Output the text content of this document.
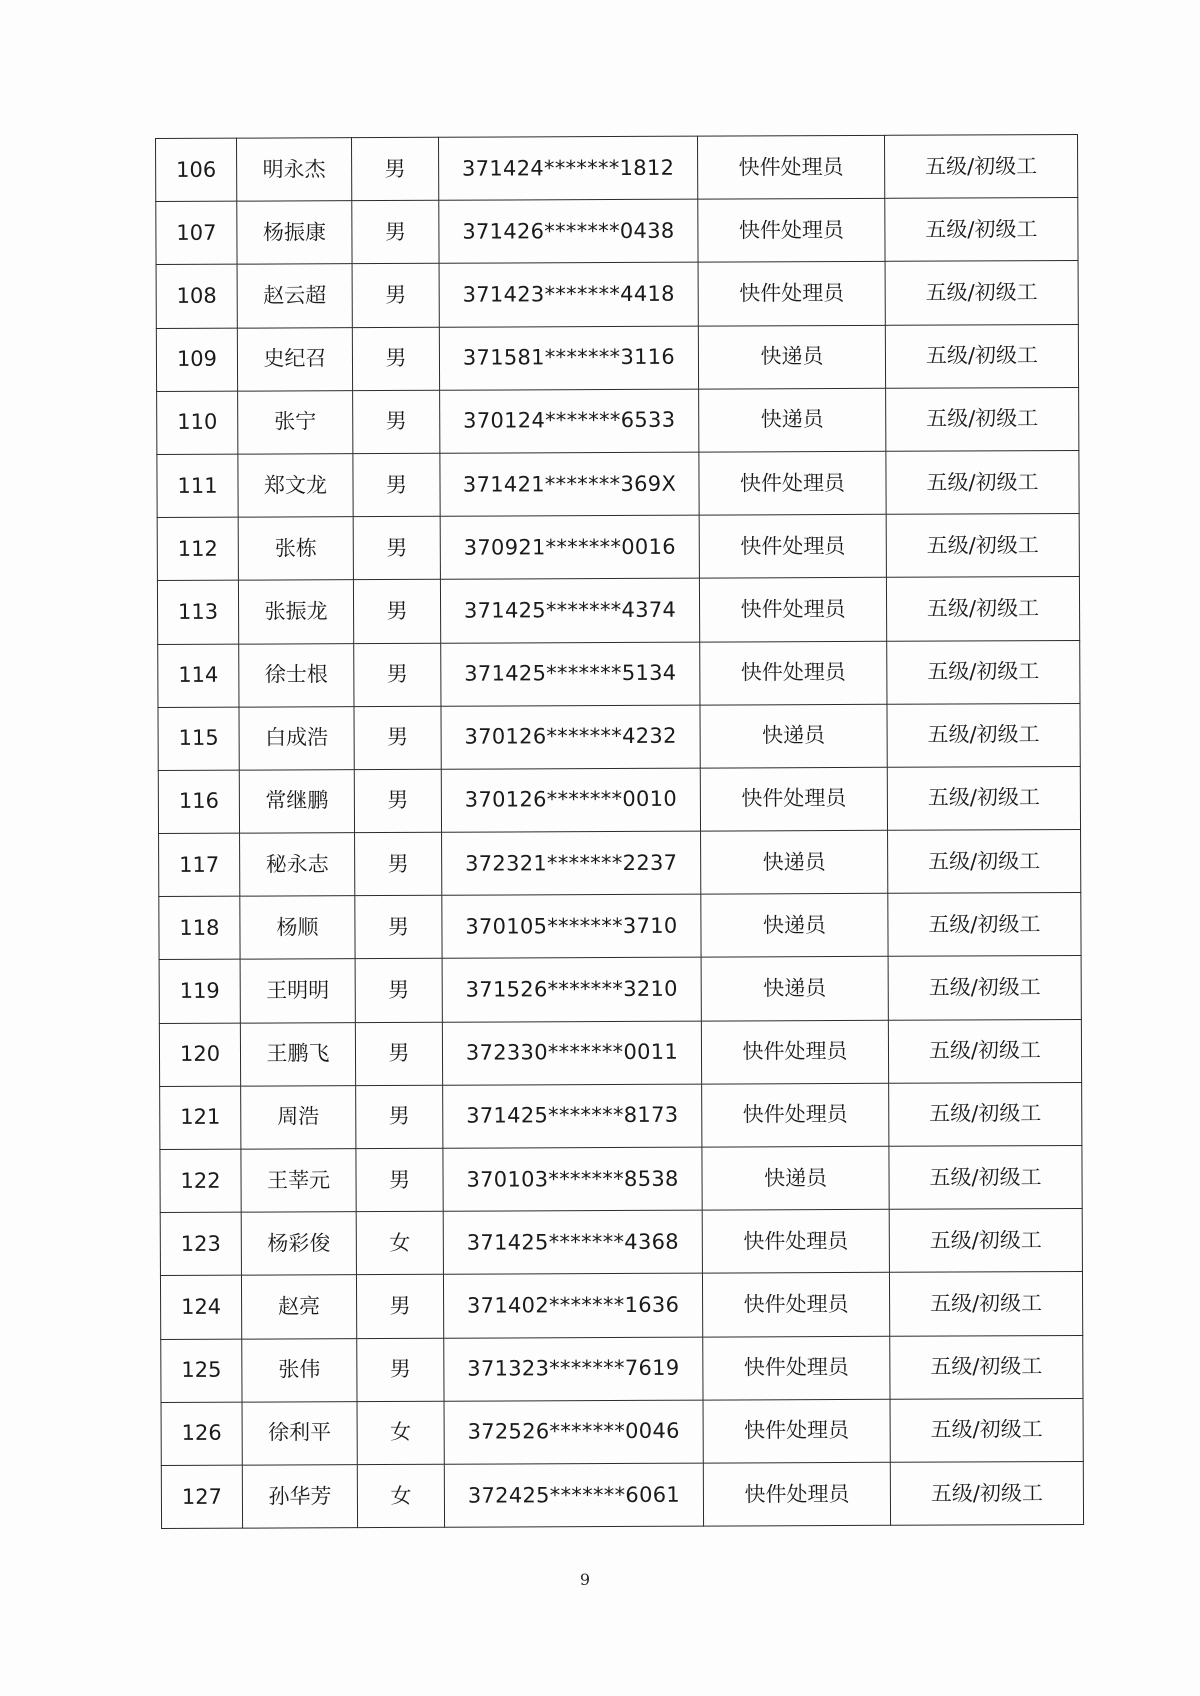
106	明永杰	男	371424*******1812	快件处理员	五级/初级工
107	杨振康	男	371426*******0438	快件处理员	五级/初级工
108	赵云超	男	371423*******4418	快件处理员	五级/初级工
109	史纪召	男	371581*******3116	快递员	五级/初级工
110	张宁	男	370124*******6533	快递员	五级/初级工
111	郑文龙	男	371421*******369X	快件处理员	五级/初级工
112	张栋	男	370921*******0016	快件处理员	五级/初级工
113	张振龙	男	371425*******4374	快件处理员	五级/初级工
114	徐士根	男	371425*******5134	快件处理员	五级/初级工
115	白成浩	男	370126*******4232	快递员	五级/初级工
116	常继鹏	男	370126*******0010	快件处理员	五级/初级工
117	秘永志	男	372321*******2237	快递员	五级/初级工
118	杨顺	男	370105*******3710	快递员	五级/初级工
119	王明明	男	371526*******3210	快递员	五级/初级工
120	王鹏飞	男	372330*******0011	快件处理员	五级/初级工
121	周浩	男	371425*******8173	快件处理员	五级/初级工
122	王莘元	男	370103*******8538	快递员	五级/初级工
123	杨彩俊	女	371425*******4368	快件处理员	五级/初级工
124	赵亮	男	371402*******1636	快件处理员	五级/初级工
125	张伟	男	371323*******7619	快件处理员	五级/初级工
126	徐利平	女	372526*******0046	快件处理员	五级/初级工
127	孙华芳	女	372425*******6061	快件处理员	五级/初级工
9
